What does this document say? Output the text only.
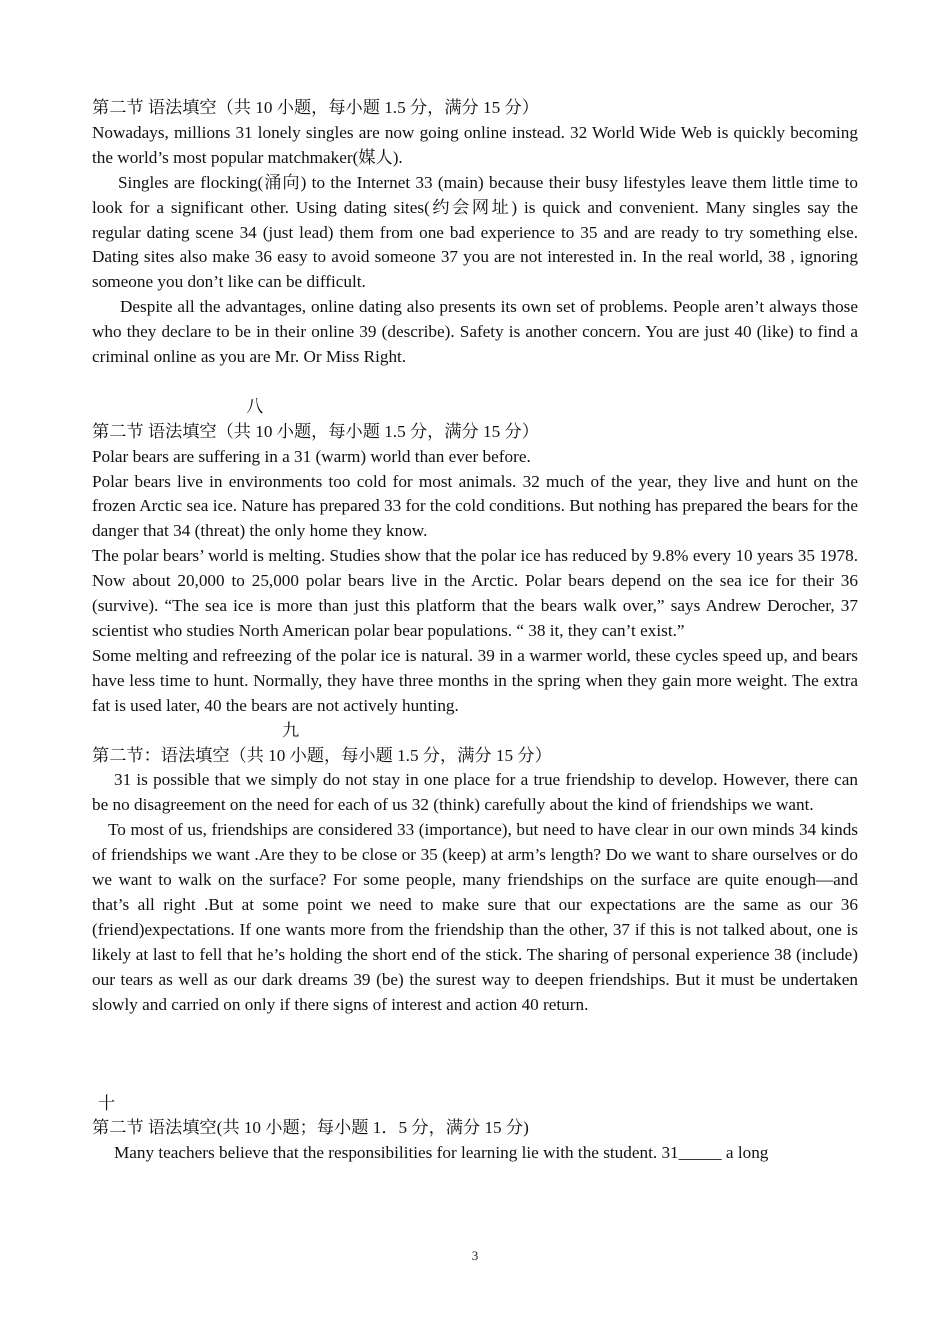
第二节 语法填空（共 10 小题，每小题 1.5 分，满分 15 分）

Nowadays, millions 31 lonely singles are now going online instead. 32 World Wide Web is quickly becoming the world’s most popular matchmaker(媒人).

Singles are flocking(涌向) to the Internet 33 (main) because their busy lifestyles leave them little time to look for a significant other. Using dating sites(约会网址) is quick and convenient. Many singles say the regular dating scene 34 (just lead) them from one bad experience to 35 and are ready to try something else. Dating sites also make 36 easy to avoid someone 37 you are not interested in. In the real world, 38 , ignoring someone you don’t like can be difficult.

Despite all the advantages, online dating also presents its own set of problems. People aren’t always those who they declare to be in their online 39 (describe). Safety is another concern. You are just 40 (like) to find a criminal online as you are Mr. Or Miss Right.

八

第二节 语法填空（共 10 小题，每小题 1.5 分，满分 15 分）

Polar bears are suffering in a 31 (warm) world than ever before.

Polar bears live in environments too cold for most animals. 32 much of the year, they live and hunt on the frozen Arctic sea ice. Nature has prepared 33 for the cold conditions. But nothing has prepared the bears for the danger that 34 (threat) the only home they know.

The polar bears’ world is melting. Studies show that the polar ice has reduced by 9.8% every 10 years 35 1978. Now about 20,000 to 25,000 polar bears live in the Arctic. Polar bears depend on the sea ice for their 36 (survive). “The sea ice is more than just this platform that the bears walk over,” says Andrew Derocher, 37 scientist who studies North American polar bear populations. “ 38 it, they can’t exist.”

Some melting and refreezing of the polar ice is natural. 39 in a warmer world, these cycles speed up, and bears have less time to hunt. Normally, they have three months in the spring when they gain more weight. The extra fat is used later, 40 the bears are not actively hunting.

九

第二节：语法填空（共 10 小题，每小题 1.5 分，满分 15 分）

31 is possible that we simply do not stay in one place for a true friendship to develop. However, there can be no disagreement on the need for each of us 32 (think) carefully about the kind of friendships we want.

To most of us, friendships are considered 33 (importance), but need to have clear in our own minds 34 kinds of friendships we want .Are they to be close or 35 (keep) at arm’s length? Do we want to share ourselves or do we want to walk on the surface? For some people, many friendships on the surface are quite enough—and that’s all right .But at some point we need to make sure that our expectations are the same as our 36 (friend)expectations. If one wants more from the friendship than the other, 37 if this is not talked about, one is likely at last to fell that he’s holding the short end of the stick. The sharing of personal experience 38 (include) our tears as well as our dark dreams 39 (be) the surest way to deepen friendships. But it must be undertaken slowly and carried on only if there signs of interest and action 40 return.

十

第二节 语法填空(共 10 小题；每小题 1．5 分，满分 15 分)

Many teachers believe that the responsibilities for learning lie with the student. 31_____ a long

3
